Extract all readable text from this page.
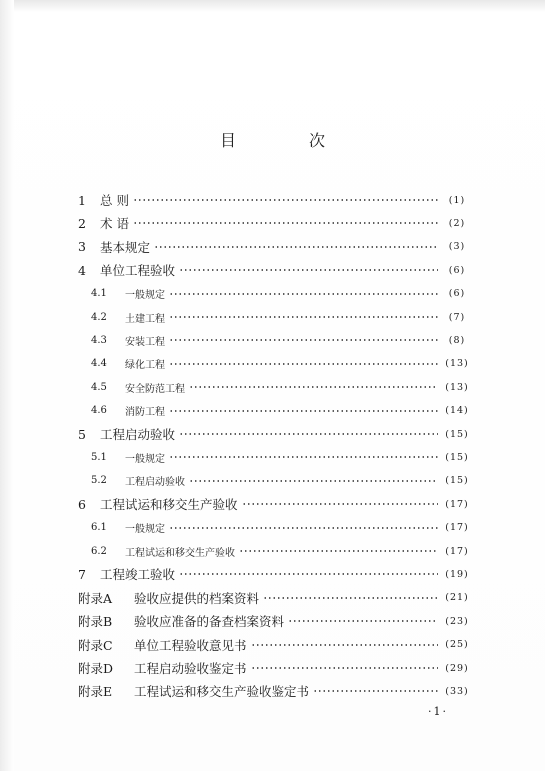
目 次
1	总 则	(1)
2	术 语	(2)
3	基本规定	(3)
4	单位工程验收	(6)
4.1	一般规定	(6)
4.2	土建工程	(7)
4.3	安装工程	(8)
4.4	绿化工程	(13)
4.5	安全防范工程	(13)
4.6	消防工程	(14)
5	工程启动验收	(15)
5.1	一般规定	(15)
5.2	工程启动验收	(15)
6	工程试运和移交生产验收	(17)
6.1	一般规定	(17)
6.2	工程试运和移交生产验收	(17)
7	工程竣工验收	(19)
附录A	验收应提供的档案资料	(21)
附录B	验收应准备的备查档案资料	(23)
附录C	单位工程验收意见书	(25)
附录D	工程启动验收鉴定书	(29)
附录E	工程试运和移交生产验收鉴定书	(33)
·1·
